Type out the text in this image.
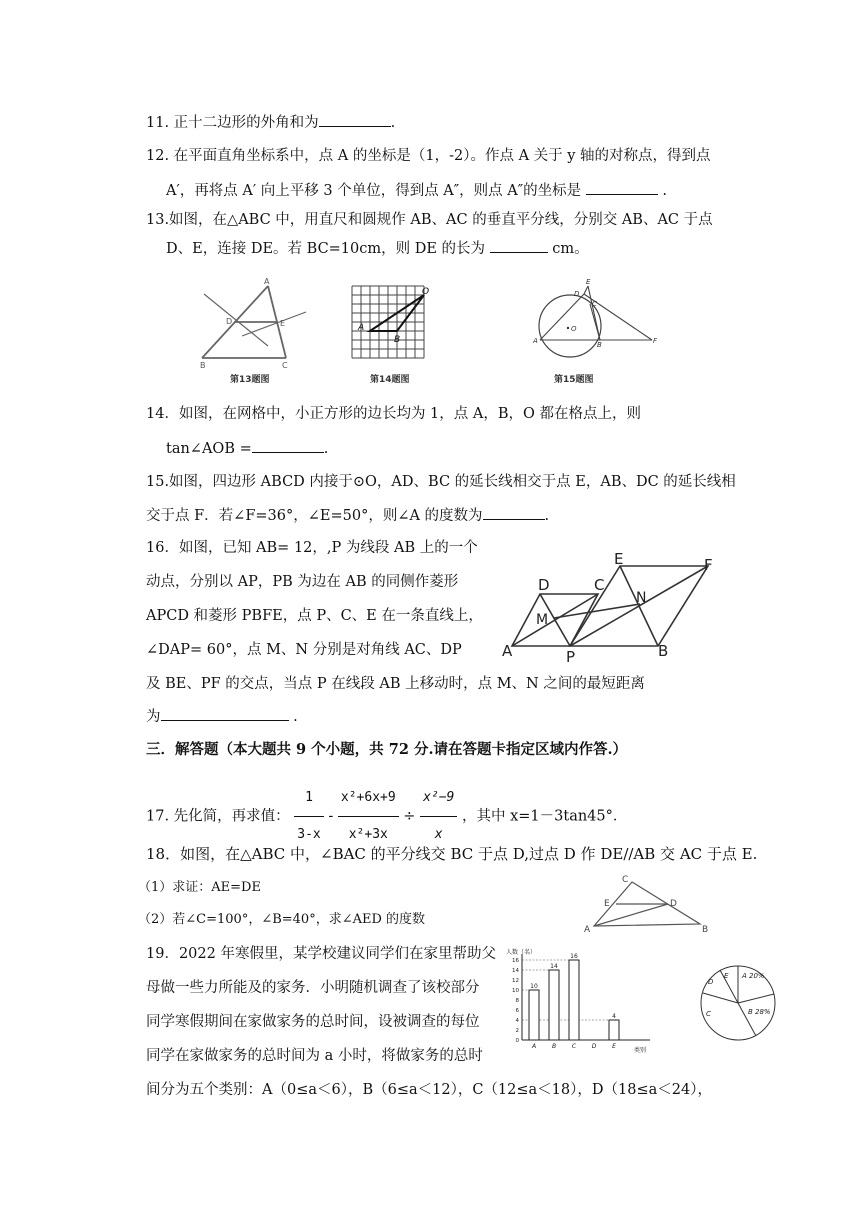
11. 正十二边形的外角和为	.
12. 在平面直角坐标系中，点 A 的坐标是（1，-2）。作点 A 关于 y 轴的对称点，得到点
A′，再将点 A′ 向上平移 3 个单位，得到点 A″，则点 A″的坐标是	.
13.如图，在△ABC 中，用直尺和圆规作 AB、AC 的垂直平分线，分别交 AB、AC 于点
D、E，连接 DE。若 BC=10cm，则 DE 的长为	cm。
A
D	E
B	C
第13题图
A
B
O
第14题图
E
D
C
O
A	B	F
第15题图
14．如图，在网格中，小正方形的边长均为 1，点 A，B，O 都在格点上，则
tan∠AOB =	.
15.如图，四边形 ABCD 内接于⊙O，AD、BC 的延长线相交于点 E，AB、DC 的延长线相
交于点 F．若∠F=36°，∠E=50°，则∠A 的度数为	.
16．如图，已知 AB= 12，,P 为线段 AB 上的一个
动点，分别以 AP，PB 为边在 AB 的同侧作菱形
APCD 和菱形 PBFE，点 P、C、E 在一条直线上，
∠DAP= 60°，点 M、N 分别是对角线 AC、DP
及 BE、PF 的交点，当点 P 在线段 AB 上移动时，点 M、N 之间的最短距离
为	.
D	C
E	F
M
N
A	P	B
三．解答题（本大题共 9 个小题，共 72 分.请在答题卡指定区域内作答.）
17. 先化简，再求值： $\frac{1}{3-x} - \frac{\text{x²+6x+9}}{\text{x²+3x}} \div \frac{\text{x²−9}}{x}$ ，其中 x=1－3tan45°．
18．如图，在△ABC 中，∠BAC 的平分线交 BC 于点 D,过点 D 作 DE//AB 交 AC 于点 E.
（1）求证：AE=DE
（2）若∠C=100°，∠B=40°，求∠AED 的度数
C
E	D
A	B
19．2022 年寒假里，某学校建议同学们在家里帮助父
母做一些力所能及的家务．小明随机调查了该校部分
同学寒假期间在家做家务的总时间，设被调查的每位
同学在家做家务的总时间为 a 小时，将做家务的总时
间分为五个类别：A（0≤a＜6），B（6≤a＜12），C（12≤a＜18），D（18≤a＜24），
0
2
4
6
8
10
12
14
16
10
14
16
4
A	B	C	D	E
人数（名）
类别
A 20%
B 28%
C
D
E
